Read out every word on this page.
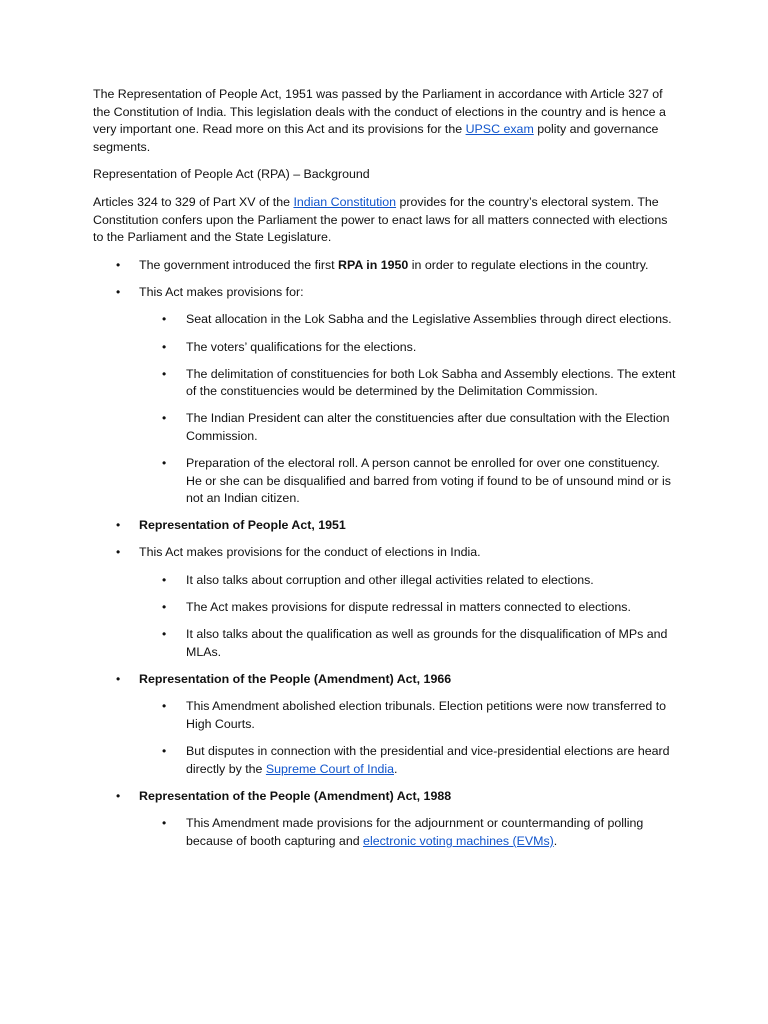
The Representation of People Act, 1951 was passed by the Parliament in accordance with Article 327 of the Constitution of India. This legislation deals with the conduct of elections in the country and is hence a very important one. Read more on this Act and its provisions for the UPSC exam polity and governance segments.

Representation of People Act (RPA) – Background

Articles 324 to 329 of Part XV of the Indian Constitution provides for the country’s electoral system. The Constitution confers upon the Parliament the power to enact laws for all matters connected with elections to the Parliament and the State Legislature.

• The government introduced the first RPA in 1950 in order to regulate elections in the country.
• This Act makes provisions for:
• Seat allocation in the Lok Sabha and the Legislative Assemblies through direct elections.
• The voters’ qualifications for the elections.
• The delimitation of constituencies for both Lok Sabha and Assembly elections. The extent of the constituencies would be determined by the Delimitation Commission.
• The Indian President can alter the constituencies after due consultation with the Election Commission.
• Preparation of the electoral roll. A person cannot be enrolled for over one constituency. He or she can be disqualified and barred from voting if found to be of unsound mind or is not an Indian citizen.
• Representation of People Act, 1951
• This Act makes provisions for the conduct of elections in India.
• It also talks about corruption and other illegal activities related to elections.
• The Act makes provisions for dispute redressal in matters connected to elections.
• It also talks about the qualification as well as grounds for the disqualification of MPs and MLAs.
• Representation of the People (Amendment) Act, 1966
• This Amendment abolished election tribunals. Election petitions were now transferred to High Courts.
• But disputes in connection with the presidential and vice-presidential elections are heard directly by the Supreme Court of India.
• Representation of the People (Amendment) Act, 1988
• This Amendment made provisions for the adjournment or countermanding of polling because of booth capturing and electronic voting machines (EVMs).
